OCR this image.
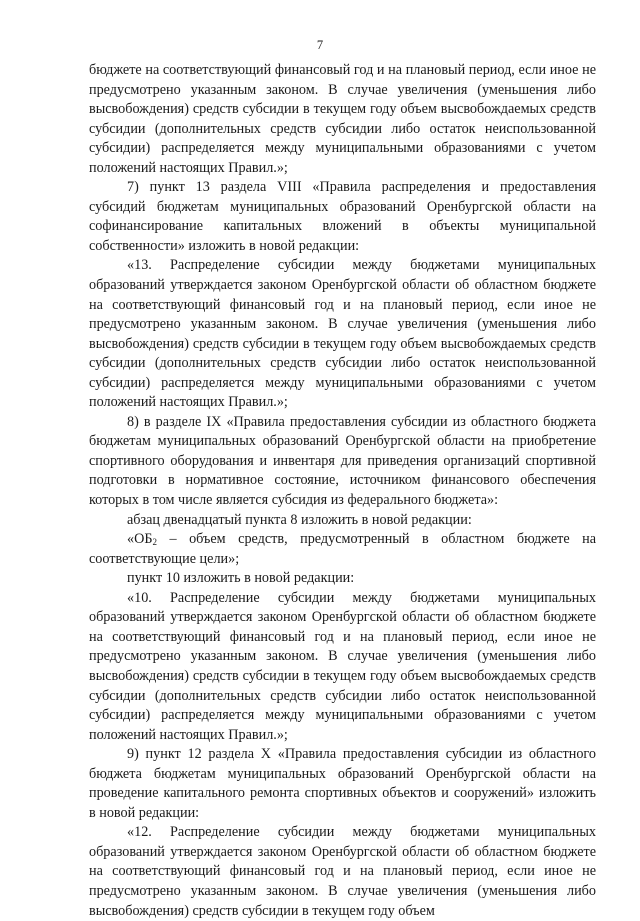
7

бюджете на соответствующий финансовый год и на плановый период, если иное не предусмотрено указанным законом. В случае увеличения (уменьшения либо высвобождения) средств субсидии в текущем году объем высвобождаемых средств субсидии (дополнительных средств субсидии либо остаток неиспользованной субсидии) распределяется между муниципальными образованиями с учетом положений настоящих Правил.»;

7) пункт 13 раздела VIII «Правила распределения и предоставления субсидий бюджетам муниципальных образований Оренбургской области на софинансирование капитальных вложений в объекты муниципальной собственности» изложить в новой редакции:

«13. Распределение субсидии между бюджетами муниципальных образований утверждается законом Оренбургской области об областном бюджете на соответствующий финансовый год и на плановый период, если иное не предусмотрено указанным законом. В случае увеличения (уменьшения либо высвобождения) средств субсидии в текущем году объем высвобождаемых средств субсидии (дополнительных средств субсидии либо остаток неиспользованной субсидии) распределяется между муниципальными образованиями с учетом положений настоящих Правил.»;

8) в разделе IX «Правила предоставления субсидии из областного бюджета бюджетам муниципальных образований Оренбургской области на приобретение спортивного оборудования и инвентаря для приведения организаций спортивной подготовки в нормативное состояние, источником финансового обеспечения которых в том числе является субсидия из федерального бюджета»:

абзац двенадцатый пункта 8 изложить в новой редакции:

«$ОБ_2$ – объем средств, предусмотренный в областном бюджете на соответствующие цели»;

пункт 10 изложить в новой редакции:

«10. Распределение субсидии между бюджетами муниципальных образований утверждается законом Оренбургской области об областном бюджете на соответствующий финансовый год и на плановый период, если иное не предусмотрено указанным законом. В случае увеличения (уменьшения либо высвобождения) средств субсидии в текущем году объем высвобождаемых средств субсидии (дополнительных средств субсидии либо остаток неиспользованной субсидии) распределяется между муниципальными образованиями с учетом положений настоящих Правил.»;

9) пункт 12 раздела X «Правила предоставления субсидии из областного бюджета бюджетам муниципальных образований Оренбургской области на проведение капитального ремонта спортивных объектов и сооружений» изложить в новой редакции:

«12. Распределение субсидии между бюджетами муниципальных образований утверждается законом Оренбургской области об областном бюджете на соответствующий финансовый год и на плановый период, если иное не предусмотрено указанным законом. В случае увеличения (уменьшения либо высвобождения) средств субсидии в текущем году объем
